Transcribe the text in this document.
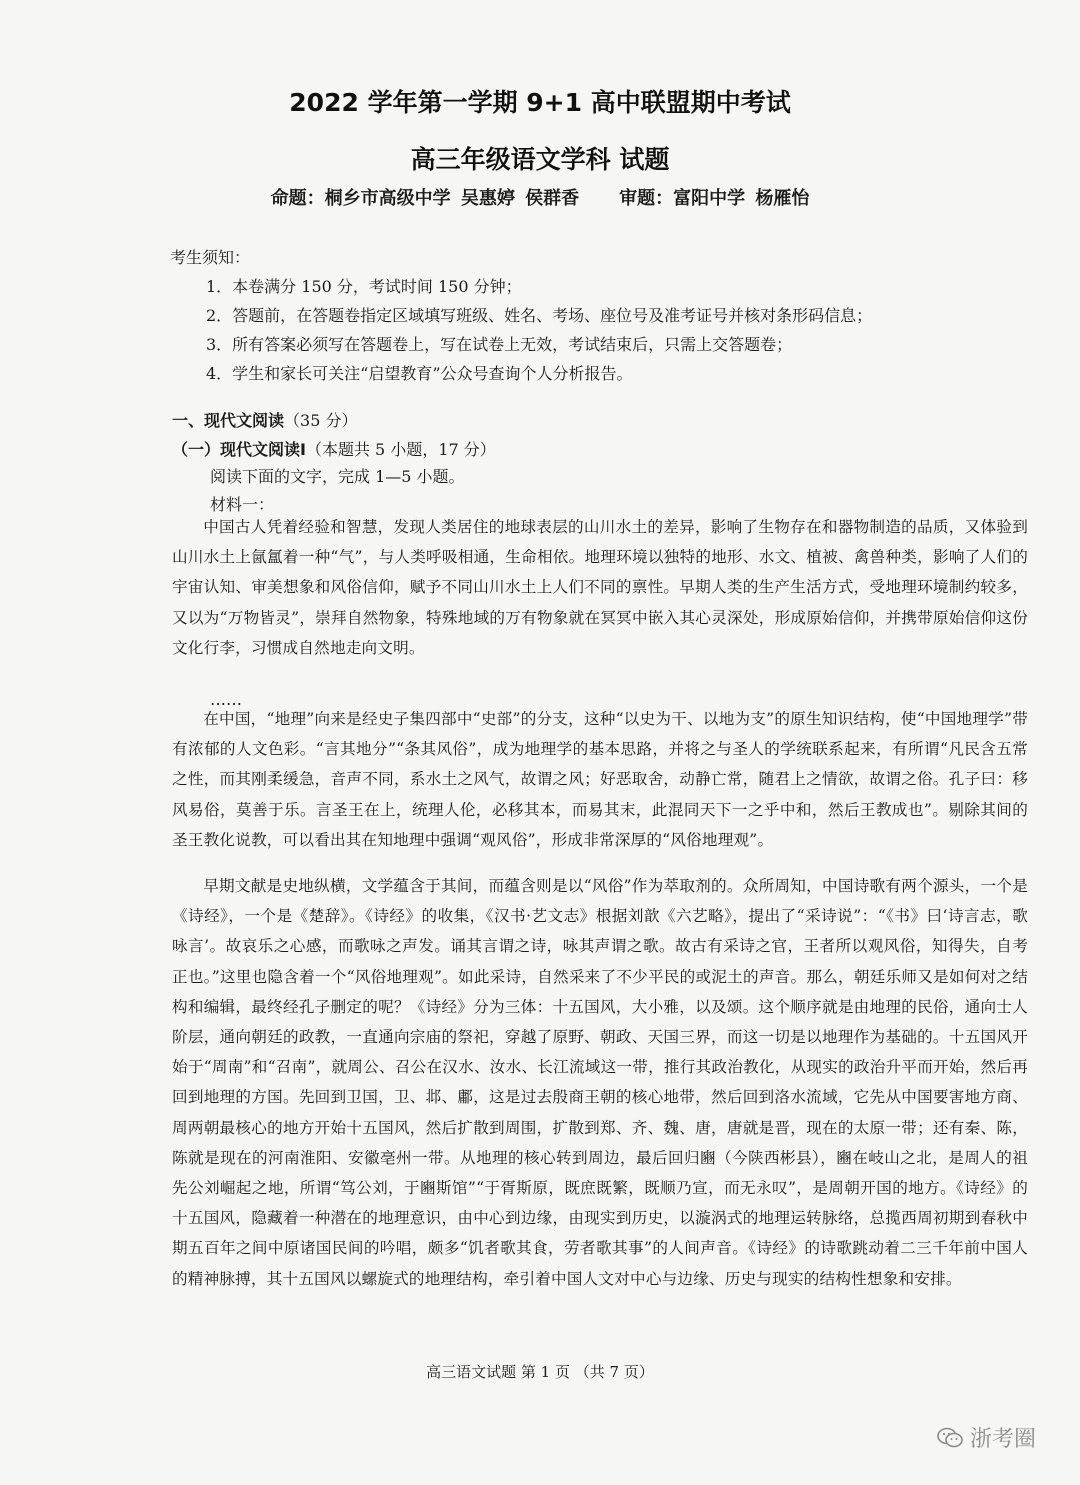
2022 学年第一学期 9+1 高中联盟期中考试
高三年级语文学科 试题
命题：桐乡市高级中学 吴惠婷 侯群香 审题：富阳中学 杨雁怡
考生须知：
1．本卷满分 150 分，考试时间 150 分钟；
2．答题前，在答题卷指定区域填写班级、姓名、考场、座位号及准考证号并核对条形码信息；
3．所有答案必须写在答题卷上，写在试卷上无效，考试结束后，只需上交答题卷；
4．学生和家长可关注“启望教育”公众号查询个人分析报告。
一、现代文阅读（35 分）
（一）现代文阅读Ⅰ（本题共 5 小题，17 分）
阅读下面的文字，完成 1—5 小题。
材料一：
中国古人凭着经验和智慧，发现人类居住的地球表层的山川水土的差异，影响了生物存在和器物制造的品质，又体验到山川水土上氤氲着一种“气”，与人类呼吸相通，生命相依。地理环境以独特的地形、水文、植被、禽兽种类，影响了人们的宇宙认知、审美想象和风俗信仰，赋予不同山川水土上人们不同的禀性。早期人类的生产生活方式，受地理环境制约较多，又以为“万物皆灵”，崇拜自然物象，特殊地域的万有物象就在冥冥中嵌入其心灵深处，形成原始信仰，并携带原始信仰这份文化行李，习惯成自然地走向文明。
……
在中国，“地理”向来是经史子集四部中“史部”的分支，这种“以史为干、以地为支”的原生知识结构，使“中国地理学”带有浓郁的人文色彩。“言其地分”“条其风俗”，成为地理学的基本思路，并将之与圣人的学统联系起来，有所谓“凡民含五常之性，而其刚柔缓急，音声不同，系水土之风气，故谓之风；好恶取舍，动静亡常，随君上之情欲，故谓之俗。孔子曰：移风易俗，莫善于乐。言圣王在上，统理人伦，必移其本，而易其末，此混同天下一之乎中和，然后王教成也”。剔除其间的圣王教化说教，可以看出其在知地理中强调“观风俗”，形成非常深厚的“风俗地理观”。
早期文献是史地纵横，文学蕴含于其间，而蕴含则是以“风俗”作为萃取剂的。众所周知，中国诗歌有两个源头，一个是《诗经》，一个是《楚辞》。《诗经》的收集，《汉书·艺文志》根据刘歆《六艺略》，提出了“采诗说”：“《书》曰‘诗言志，歌咏言’。故哀乐之心感，而歌咏之声发。诵其言谓之诗，咏其声谓之歌。故古有采诗之官，王者所以观风俗，知得失，自考正也。”这里也隐含着一个“风俗地理观”。如此采诗，自然采来了不少平民的或泥土的声音。那么，朝廷乐师又是如何对之结构和编辑，最终经孔子删定的呢？《诗经》分为三体：十五国风，大小雅，以及颂。这个顺序就是由地理的民俗，通向士人阶层，通向朝廷的政教，一直通向宗庙的祭祀，穿越了原野、朝政、天国三界，而这一切是以地理作为基础的。十五国风开始于“周南”和“召南”，就周公、召公在汉水、汝水、长江流域这一带，推行其政治教化，从现实的政治升平而开始，然后再回到地理的方国。先回到卫国，卫、邶、鄘，这是过去殷商王朝的核心地带，然后回到洛水流域，它先从中国要害地方商、周两朝最核心的地方开始十五国风，然后扩散到周围，扩散到郑、齐、魏、唐，唐就是晋，现在的太原一带；还有秦、陈，陈就是现在的河南淮阳、安徽亳州一带。从地理的核心转到周边，最后回归豳（今陕西彬县），豳在岐山之北，是周人的祖先公刘崛起之地，所谓“笃公刘，于豳斯馆”“于胥斯原，既庶既繁，既顺乃宣，而无永叹”，是周朝开国的地方。《诗经》的十五国风，隐藏着一种潜在的地理意识，由中心到边缘，由现实到历史，以漩涡式的地理运转脉络，总揽西周初期到春秋中期五百年之间中原诸国民间的吟唱，颇多“饥者歌其食，劳者歌其事”的人间声音。《诗经》的诗歌跳动着二三千年前中国人的精神脉搏，其十五国风以螺旋式的地理结构，牵引着中国人文对中心与边缘、历史与现实的结构性想象和安排。
高三语文试题 第 1 页 （共 7 页）
浙考圈
